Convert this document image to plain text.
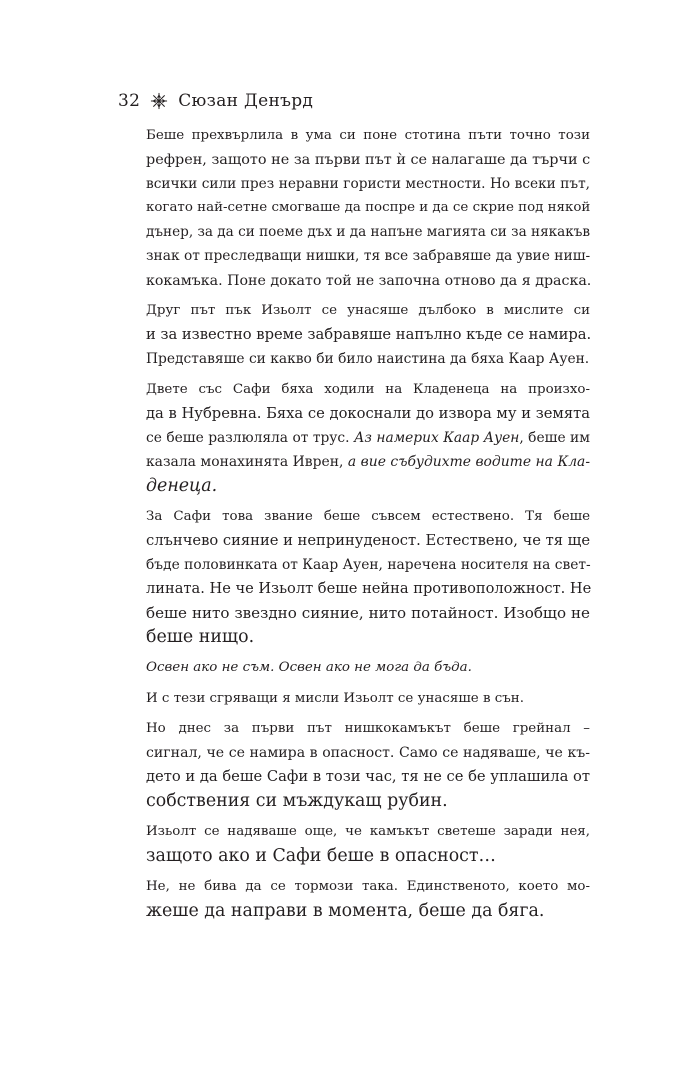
32 Сюзан Денърд

Беше прехвърлила в ума си поне стотина пъти точно този
рефрен, защото не за първи път ѝ се налагаше да търчи с
всички сили през неравни гористи местности. Но всеки път,
когато най-сетне смогваше да поспре и да се скрие под някой
дънер, за да си поеме дъх и да напъне магията си за някакъв
знак от преследващи нишки, тя все забравяше да увие ниш-
кокамъка. Поне докато той не започна отново да я драска.

Друг път пък Изьолт се унасяше дълбоко в мислите си
и за известно време забравяше напълно къде се намира.
Представяше си какво би било наистина да бяха Каар Ауен.

Двете със Сафи бяха ходили на Кладенеца на произхо-
да в Нубревна. Бяха се докоснали до извора му и земята
се беше разлюляла от трус. Аз намерих Каар Ауен, беше им
казала монахинята Иврен, а вие събудихте водите на Кла-
денеца.

За Сафи това звание беше съвсем естествено. Тя беше
слънчево сияние и непринуденост. Естествено, че тя ще
бъде половинката от Каар Ауен, наречена носителя на свет-
лината. Не че Изьолт беше нейна противоположност. Не
беше нито звездно сияние, нито потайност. Изобщо не
беше нищо.

Освен ако не съм. Освен ако не мога да бъда.

И с тези сгряващи я мисли Изьолт се унасяше в сън.

Но днес за първи път нишкокамъкът беше грейнал –
сигнал, че се намира в опасност. Само се надяваше, че къ-
дето и да беше Сафи в този час, тя не се бе уплашила от
собствения си мъждукащ рубин.

Изьолт се надяваше още, че камъкът светеше заради нея,
защото ако и Сафи беше в опасност…

Не, не бива да се тормози така. Единственото, което мо-
жеше да направи в момента, беше да бяга.
